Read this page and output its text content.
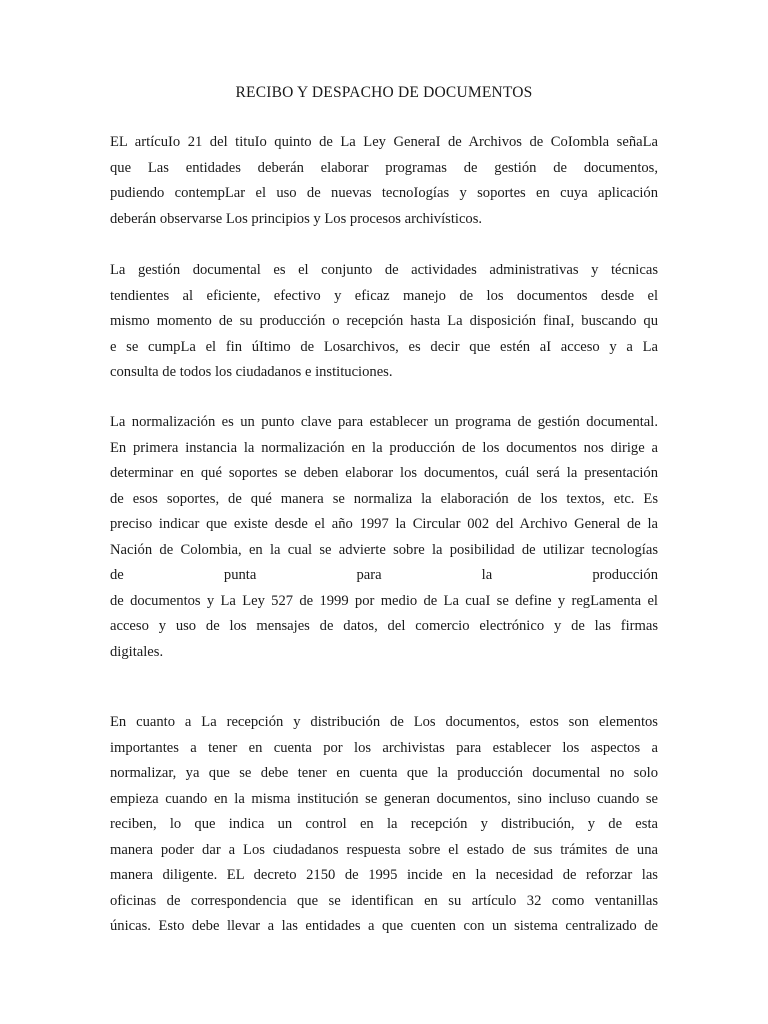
RECIBO Y DESPACHO DE DOCUMENTOS
EL artícuIo 21 del tituIo quinto de La Ley GeneraI de Archivos de CoIombla señaLa
que Las entidades deberán elaborar programas de gestión de documentos,
pudiendo contempLar el uso de nuevas tecnoIogías y soportes en cuya aplicación
deberán observarse Los principios y Los procesos archivísticos.
La gestión documental es el conjunto de actividades administrativas y técnicas
tendientes al eficiente, efectivo y eficaz manejo de los documentos desde el
mismo momento de su producción o recepción hasta La disposición finaI, buscando qu
e se cumpLa el fin úItimo de Losarchivos, es decir que estén aI acceso y a La
consulta de todos los ciudadanos e instituciones.
La normalización es un punto clave para establecer un programa de gestión documental.
En primera instancia la normalización en la producción de los documentos nos dirige a
determinar en qué soportes se deben elaborar los documentos, cuál será la presentación
de esos soportes, de qué manera se normaliza la elaboración de los textos, etc. Es
preciso indicar que existe desde el año 1997 la Circular 002 del Archivo General de la
Nación de Colombia, en la cual se advierte sobre la posibilidad de utilizar tecnologías
de punta para la producción
de documentos y La Ley 527 de 1999 por medio de La cuaI se define y regLamenta el
acceso y uso de los mensajes de datos, del comercio electrónico y de las firmas
digitales.
En cuanto a La recepción y distribución de Los documentos, estos son elementos
importantes a tener en cuenta por los archivistas para establecer los aspectos a
normalizar, ya que se debe tener en cuenta que la producción documental no solo
empieza cuando en la misma institución se generan documentos, sino incluso cuando se
reciben, lo que indica un control en la recepción y distribución, y de esta
manera poder dar a Los ciudadanos respuesta sobre el estado de sus trámites de una
manera diligente. EL decreto 2150 de 1995 incide en la necesidad de reforzar las
oficinas de correspondencia que se identifican en su artículo 32 como ventanillas
únicas. Esto debe llevar a las entidades a que cuenten con un sistema centralizado de
